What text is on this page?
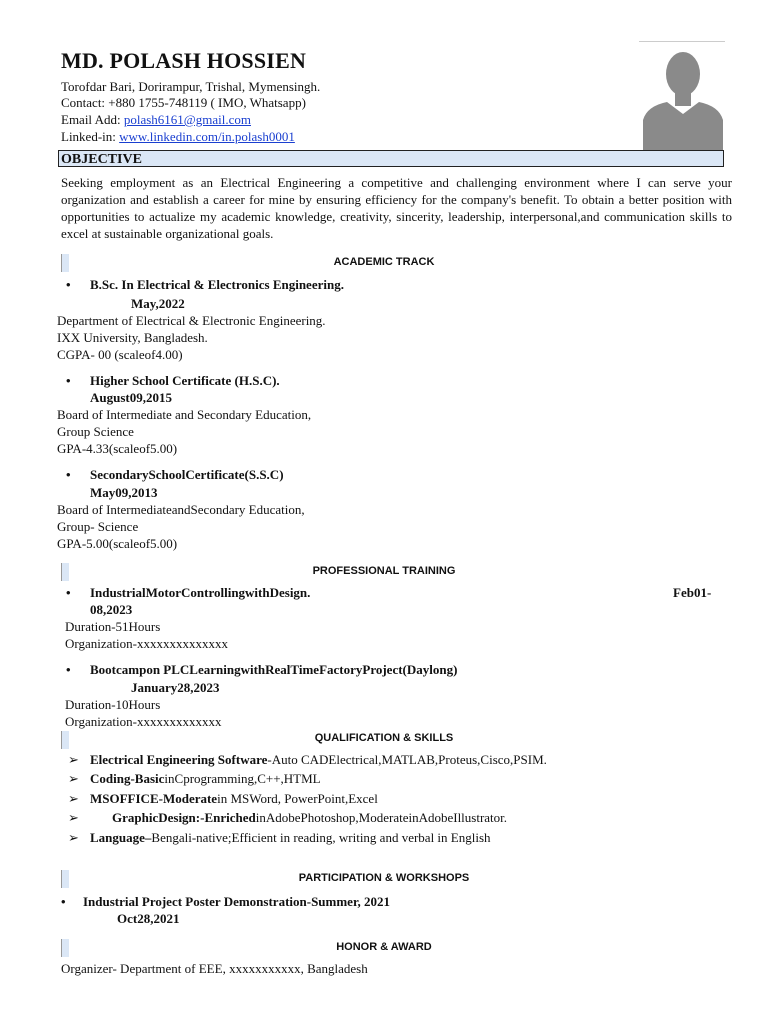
MD. POLASH HOSSIEN
Torofdar Bari, Dorirampur, Trishal, Mymensingh.
Contact: +880 1755-748119 ( IMO, Whatsapp)
Email Add: polash6161@gmail.com
Linked-in: www.linkedin.com/in.polash0001
OBJECTIVE
Seeking employment as an Electrical Engineering a competitive and challenging environment where I can serve your organization and establish a career for mine by ensuring efficiency for the company's benefit. To obtain a better position with opportunities to actualize my academic knowledge, creativity, sincerity, leadership, interpersonal,and communication skills to excel at sustainable organizational goals.
ACADEMIC TRACK
• B.Sc. In Electrical & Electronics Engineering.
May,2022
Department of Electrical & Electronic Engineering.
IXX University, Bangladesh.
CGPA- 00 (scaleof4.00)
• Higher School Certificate (H.S.C).
August09,2015
Board of Intermediate and Secondary Education,
Group Science
GPA-4.33(scaleof5.00)
• SecondarySchoolCertificate(S.S.C)
May09,2013
Board of IntermediateandSecondary Education,
Group- Science
GPA-5.00(scaleof5.00)
PROFESSIONAL TRAINING
• IndustrialMotorControllingwithDesign.	Feb01-
08,2023
Duration-51Hours
Organization-xxxxxxxxxxxxxx
• Bootcampon PLCLearningwithRealTimeFactoryProject(Daylong)
January28,2023
Duration-10Hours
Organization-xxxxxxxxxxxxx
QUALIFICATION & SKILLS
➢ Electrical Engineering Software-Auto CADElectrical,MATLAB,Proteus,Cisco,PSIM.
➢ Coding-BasicinCprogramming,C++,HTML
➢ MSOFFICE-Moderatein MSWord, PowerPoint,Excel
➢	GraphicDesign:-EnrichedinAdobePhotoshop,ModerateinAdobeIllustrator.
➢ Language–Bengali-native;Efficient in reading, writing and verbal in English
PARTICIPATION & WORKSHOPS
• Industrial Project Poster Demonstration-Summer, 2021
Oct28,2021
HONOR & AWARD
Organizer- Department of EEE, xxxxxxxxxxx, Bangladesh
